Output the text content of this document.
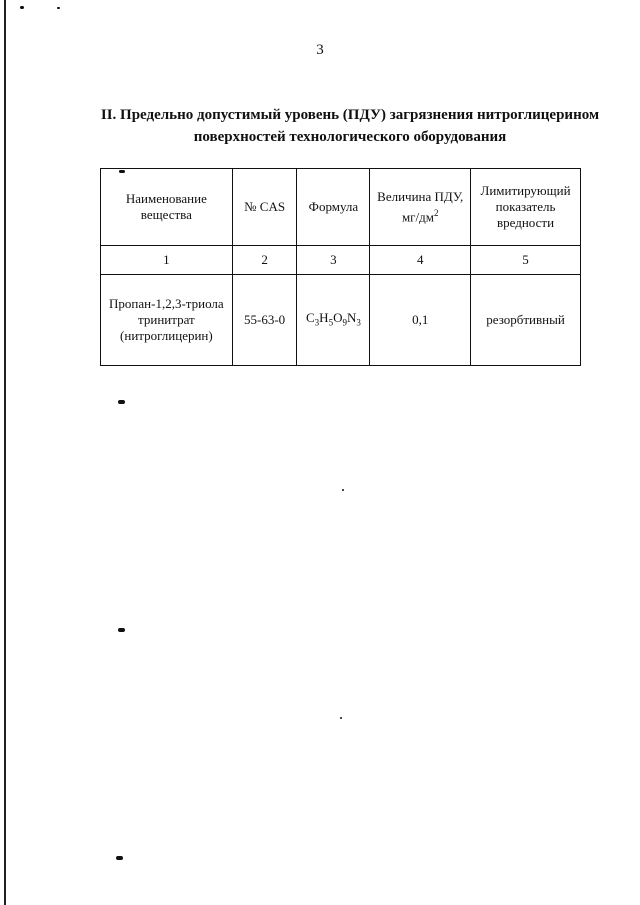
3
II. Предельно допустимый уровень (ПДУ) загрязнения нитроглицерином
поверхностей технологического оборудования
Наименование вещества	№ CAS	Формула	Величина ПДУ, $мг/дм^2$	Лимитирующий показатель вредности
1	2	3	4	5

Пропан-1,2,3-триола
тринитрат
(нитроглицерин)	55-63-0	$C_3H_5O_9N_3$	0,1	резорбтивный
